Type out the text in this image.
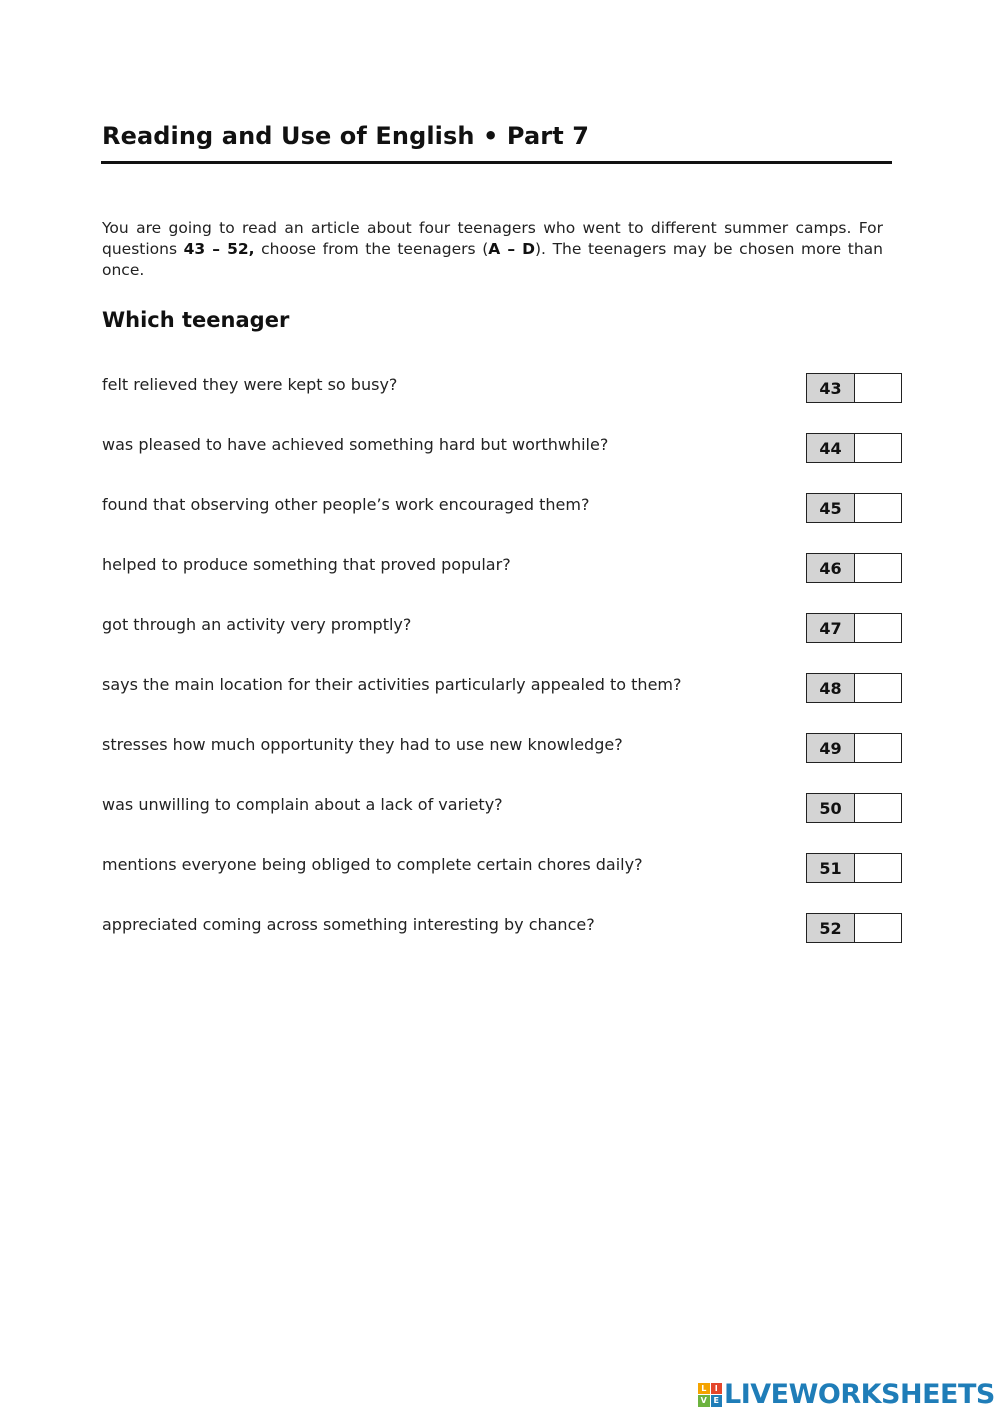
Reading and Use of English • Part 7
You are going to read an article about four teenagers who went to different summer camps. For questions 43 – 52, choose from the teenagers (A – D). The teenagers may be chosen more than once.
Which teenager
felt relieved they were kept so busy?	43
was pleased to have achieved something hard but worthwhile?	44
found that observing other people’s work encouraged them?	45
helped to produce something that proved popular?	46
got through an activity very promptly?	47
says the main location for their activities particularly appealed to them?	48
stresses how much opportunity they had to use new knowledge?	49
was unwilling to complain about a lack of variety?	50
mentions everyone being obliged to complete certain chores daily?	51
appreciated coming across something interesting by chance?	52
L	I
V E LIVEWORKSHEETS
